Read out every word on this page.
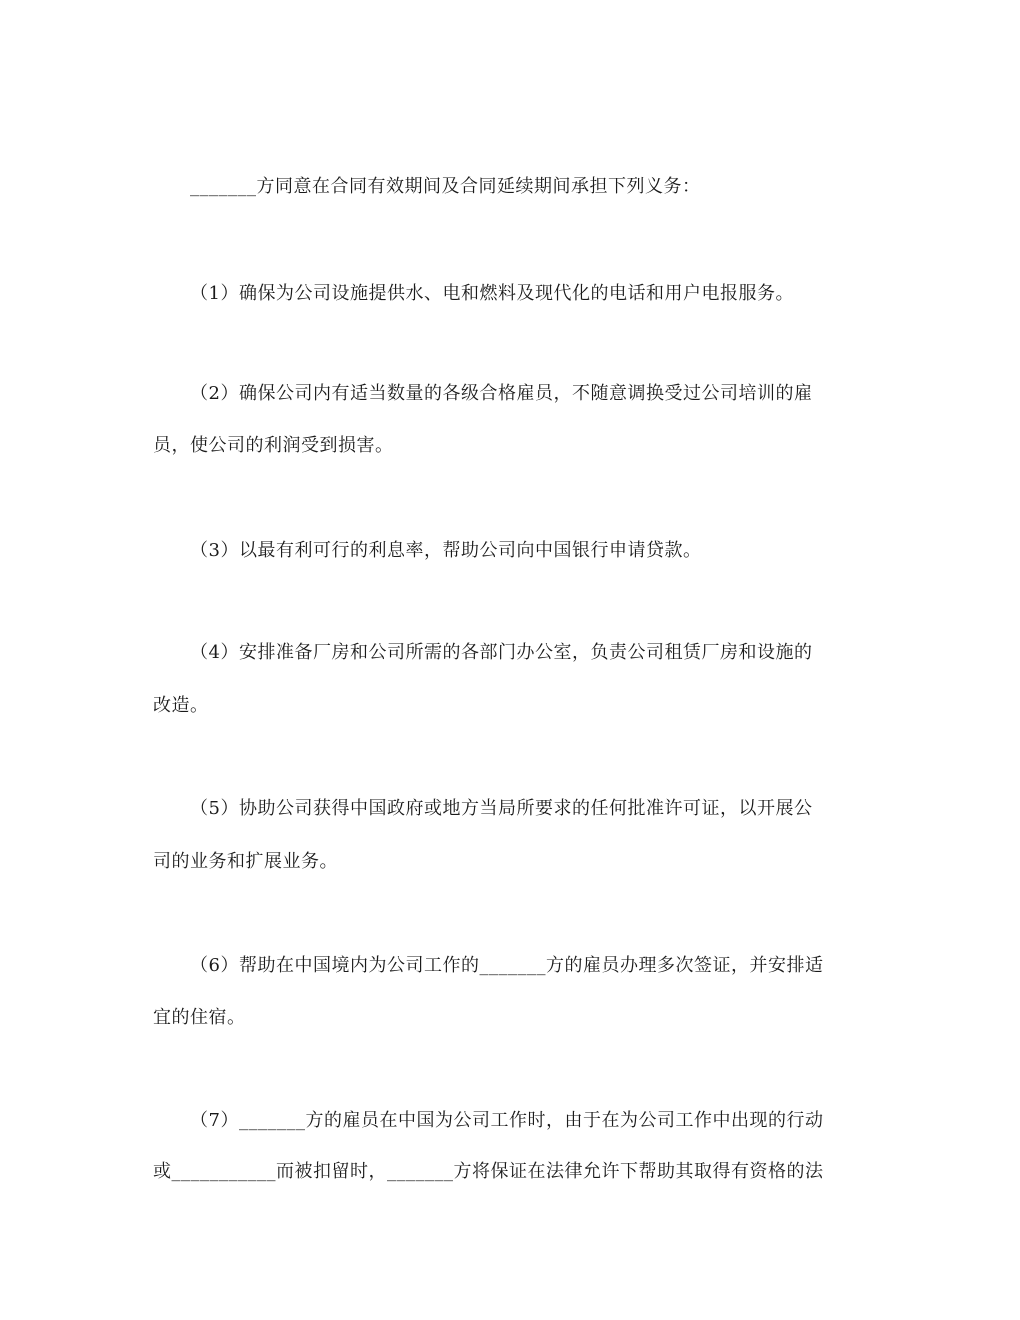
_______方同意在合同有效期间及合同延续期间承担下列义务：
（1）确保为公司设施提供水、电和燃料及现代化的电话和用户电报服务。
（2）确保公司内有适当数量的各级合格雇员，不随意调换受过公司培训的雇
员，使公司的利润受到损害。
（3）以最有利可行的利息率，帮助公司向中国银行申请贷款。
（4）安排准备厂房和公司所需的各部门办公室，负责公司租赁厂房和设施的
改造。
（5）协助公司获得中国政府或地方当局所要求的任何批准许可证，以开展公
司的业务和扩展业务。
（6）帮助在中国境内为公司工作的_______方的雇员办理多次签证，并安排适
宜的住宿。
（7）_______方的雇员在中国为公司工作时，由于在为公司工作中出现的行动
或___________而被扣留时，_______方将保证在法律允许下帮助其取得有资格的法
